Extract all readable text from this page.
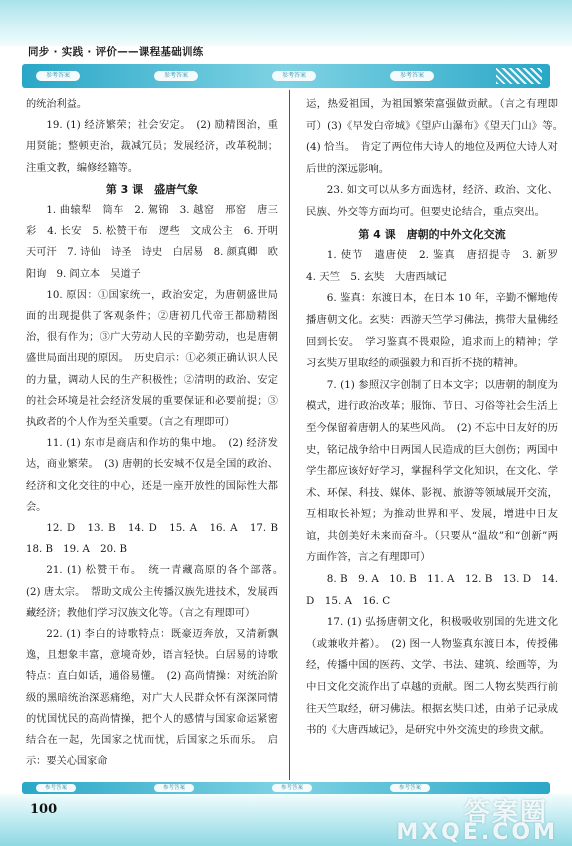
同步 · 实践 · 评价——课程基础训练
参考答案	参考答案	参考答案	参考答案

的统治利益。

19. (1) 经济繁荣；社会安定。　(2) 励精图治，重用贤能；整顿吏治，裁减冗员；发展经济，改革税制；注重文教，编修经籍等。

第 3 课　盛唐气象

1. 曲辕犁　筒车　2. 駕锦　3. 越窑　邢窑　唐三彩　4. 长安　5. 松赞干布　逻些　文成公主　6. 开明　天可汗　7. 诗仙　诗圣　诗史　白居易　8. 颜真卿　欧阳询　9. 阎立本　吴道子

10. 原因：①国家统一，政治安定，为唐朝盛世局面的出现提供了客观条件；②唐初几代帝王都励精图治，很有作为；③广大劳动人民的辛勤劳动，也是唐朝盛世局面出现的原因。　历史启示：①必须正确认识人民的力量，调动人民的生产积极性；②清明的政治、安定的社会环境是社会经济发展的重要保证和必要前提；③执政者的个人作为至关重要。（言之有理即可）

11. (1) 东市是商店和作坊的集中地。　(2) 经济发达，商业繁荣。　(3) 唐朝的长安城不仅是全国的政治、经济和文化交往的中心，还是一座开放性的国际性大都会。

12. D　13. B　14. D　15. A　16. A　17. B　18. B　19. A　20. B

21. (1) 松赞干布。　统一青藏高原的各个部落。　(2) 唐太宗。　帮助文成公主传播汉族先进技术，发展西藏经济；教他们学习汉族文化等。（言之有理即可）

22. (1) 李白的诗歌特点：既豪迈奔放，又清新飘逸，且想象丰富，意境奇妙，语言轻快。白居易的诗歌特点：直白如话，通俗易懂。　(2) 高尚情操：对统治阶级的黑暗统治深恶痛绝，对广大人民群众怀有深深同情的忧国忧民的高尚情操，把个人的感情与国家命运紧密结合在一起，先国家之忧而忧，后国家之乐而乐。　启示：要关心国家命

运，热爱祖国，为祖国繁荣富强做贡献。（言之有理即可）(3)《早发白帝城》《望庐山瀑布》《望天门山》等。　(4) 恰当。　肯定了两位伟大诗人的地位及两位大诗人对后世的深远影响。

23. 如文可以从多方面选材，经济、政治、文化、民族、外交等方面均可。但要史论结合，重点突出。

第 4 课　唐朝的中外文化交流

1. 使节　遣唐使　2. 鉴真　唐招提寺　3. 新罗　4. 天竺　5. 玄奘　大唐西域记

6. 鉴真：东渡日本，在日本 10 年，辛勤不懈地传播唐朝文化。玄奘：西游天竺学习佛法，携带大量佛经回到长安。　学习鉴真不畏艰险，追求而上的精神；学习玄奘万里取经的顽强毅力和百折不挠的精神。

7. (1) 参照汉字创制了日本文字；以唐朝的制度为模式，进行政治改革；服饰、节日、习俗等社会生活上至今保留着唐朝人的某些风尚。　(2) 不忘中日友好的历史，铭记战争给中日两国人民造成的巨大创伤；两国中学生都应该好好学习，掌握科学文化知识，在文化、学术、环保、科技、媒体、影视、旅游等领域展开交流，互相取长补短；为推动世界和平、发展，增进中日友谊，共创美好未来而奋斗。（只要从“温故”和“创新”两方面作答，言之有理即可）

8. B　9. A　10. B　11. A　12. B　13. D　14. D　15. A　16. C

17. (1) 弘扬唐朝文化，积极吸收别国的先进文化（或兼收并蓄）。　(2) 图一人物鉴真东渡日本，传授佛经，传播中国的医药、文学、书法、建筑、绘画等，为中日文化交流作出了卓越的贡献。图二人物玄奘西行前往天竺取经，研习佛法。根据玄奘口述，由弟子记录成书的《大唐西域记》，是研究中外交流史的珍贵文献。

参考答案	参考答案	参考答案	参考答案
100	答案圈
MXQE.COM
